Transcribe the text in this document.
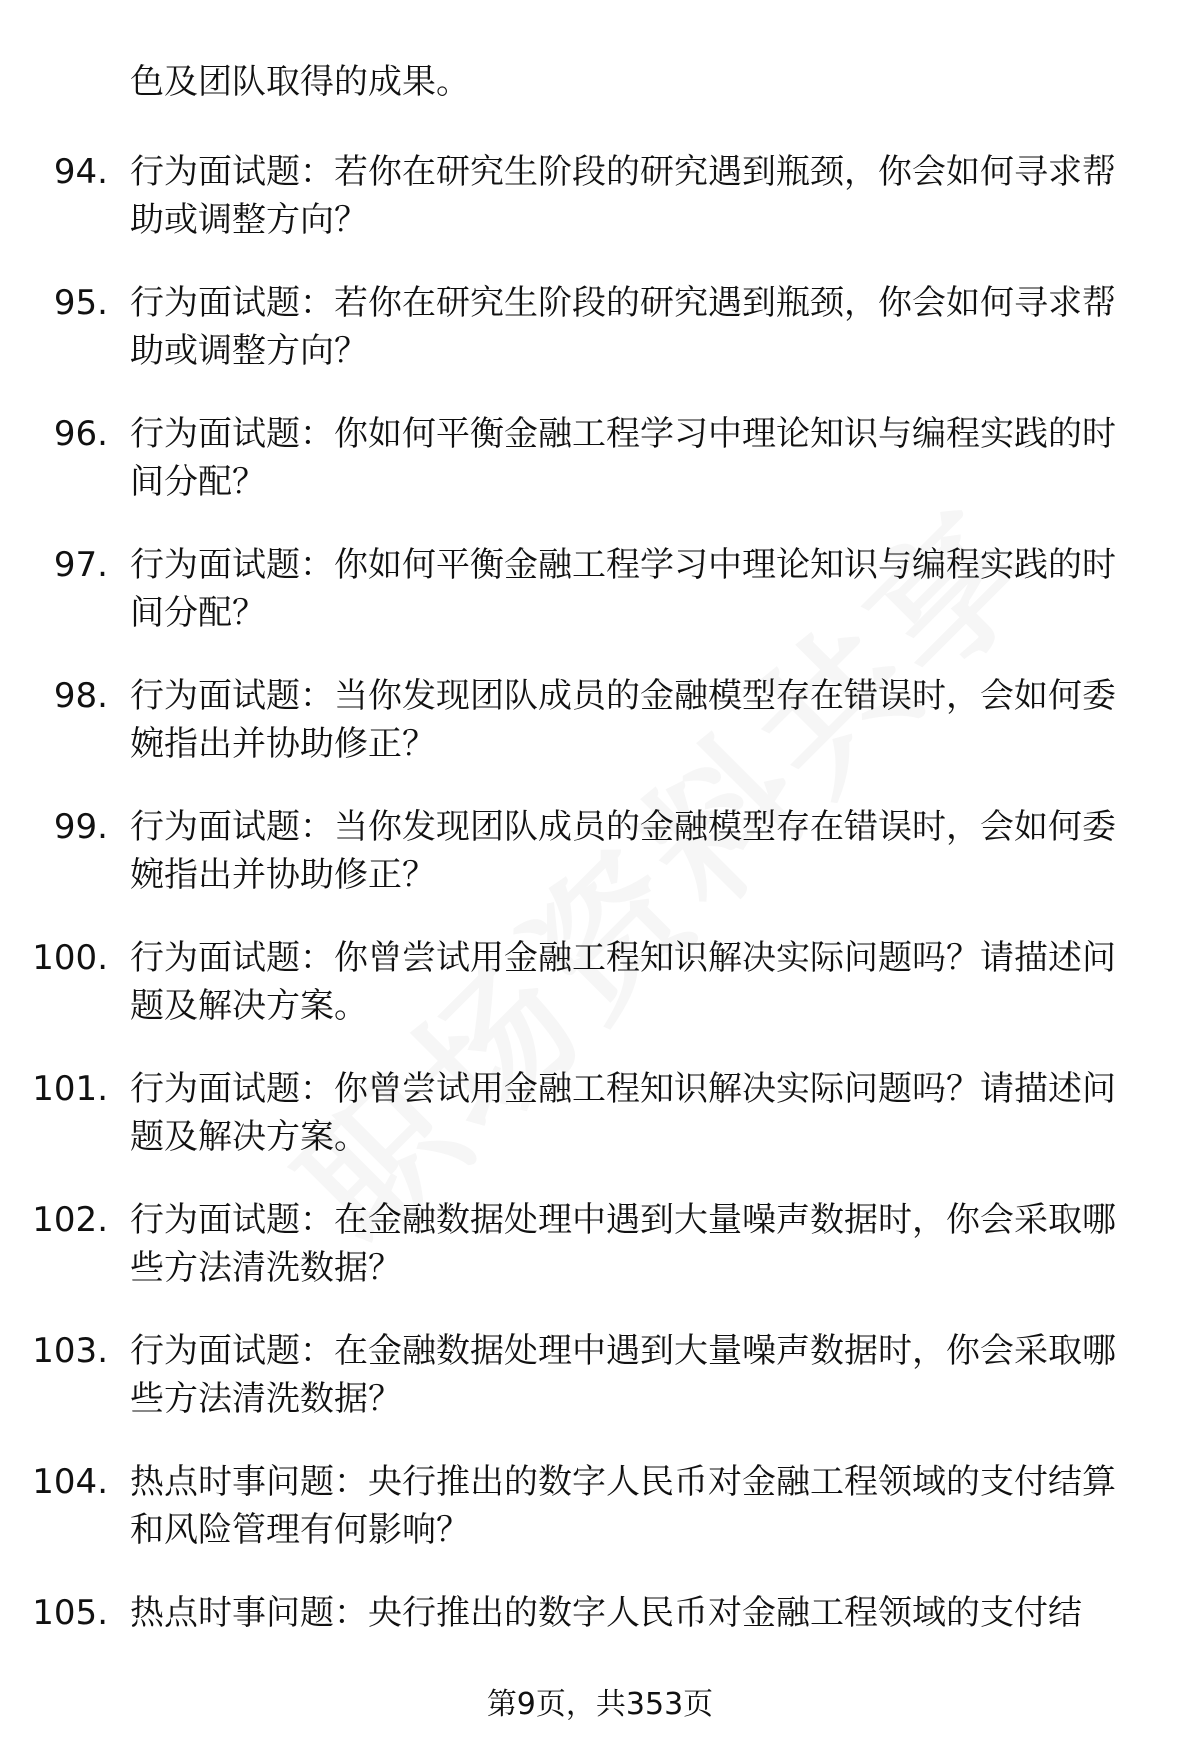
色及团队取得的成果。

94. 行为面试题：若你在研究生阶段的研究遇到瓶颈，你会如何寻求帮助或调整方向？

95. 行为面试题：若你在研究生阶段的研究遇到瓶颈，你会如何寻求帮助或调整方向？

96. 行为面试题：你如何平衡金融工程学习中理论知识与编程实践的时间分配？

97. 行为面试题：你如何平衡金融工程学习中理论知识与编程实践的时间分配？

98. 行为面试题：当你发现团队成员的金融模型存在错误时，会如何委婉指出并协助修正？

99. 行为面试题：当你发现团队成员的金融模型存在错误时，会如何委婉指出并协助修正？

100. 行为面试题：你曾尝试用金融工程知识解决实际问题吗？请描述问题及解决方案。

101. 行为面试题：你曾尝试用金融工程知识解决实际问题吗？请描述问题及解决方案。

102. 行为面试题：在金融数据处理中遇到大量噪声数据时，你会采取哪些方法清洗数据？

103. 行为面试题：在金融数据处理中遇到大量噪声数据时，你会采取哪些方法清洗数据？

104. 热点时事问题：央行推出的数字人民币对金融工程领域的支付结算和风险管理有何影响？

105. 热点时事问题：央行推出的数字人民币对金融工程领域的支付结

第9页，共353页
